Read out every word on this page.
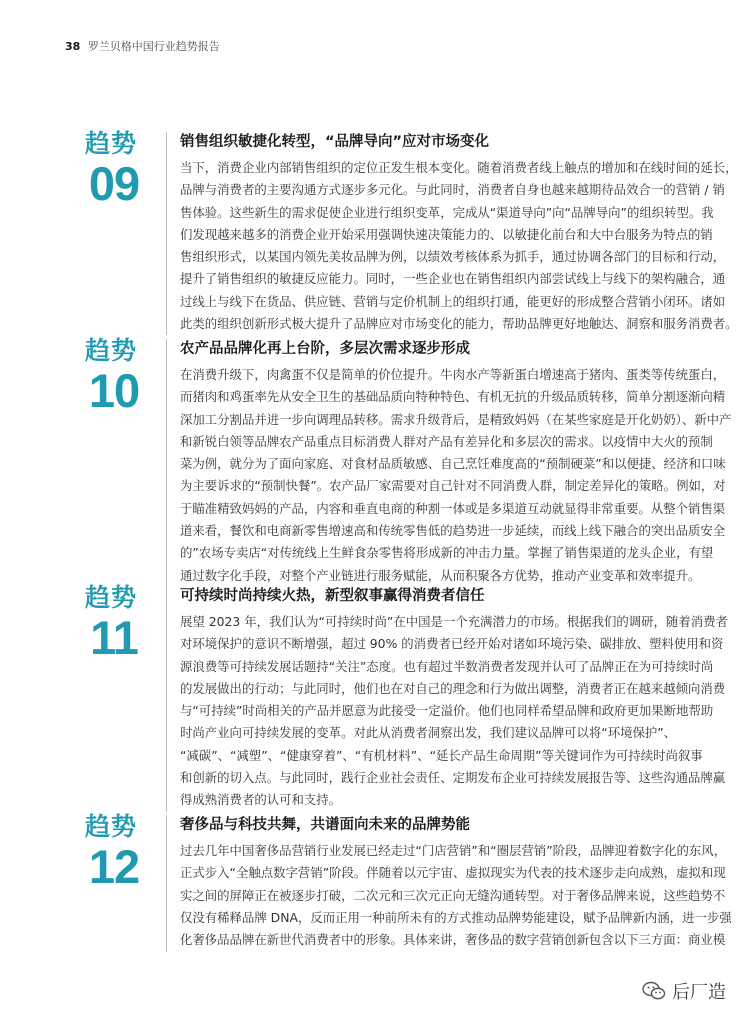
38 罗兰贝格中国行业趋势报告
趋势
09
销售组织敏捷化转型，“品牌导向”应对市场变化
当下，消费企业内部销售组织的定位正发生根本变化。随着消费者线上触点的增加和在线时间的延长，
品牌与消费者的主要沟通方式逐步多元化。与此同时，消费者自身也越来越期待品效合一的营销 / 销
售体验。这些新生的需求促使企业进行组织变革，完成从“渠道导向”向“品牌导向”的组织转型。我
们发现越来越多的消费企业开始采用强调快速决策能力的、以敏捷化前台和大中台服务为特点的销
售组织形式，以某国内领先美妆品牌为例，以绩效考核体系为抓手，通过协调各部门的目标和行动，
提升了销售组织的敏捷反应能力。同时，一些企业也在销售组织内部尝试线上与线下的架构融合，通
过线上与线下在货品、供应链、营销与定价机制上的组织打通，能更好的形成整合营销小闭环。诸如
此类的组织创新形式极大提升了品牌应对市场变化的能力，帮助品牌更好地触达、洞察和服务消费者。
趋势
10
农产品品牌化再上台阶，多层次需求逐步形成
在消费升级下，肉禽蛋不仅是简单的价位提升。牛肉水产等新蛋白增速高于猪肉、蛋类等传统蛋白，
而猪肉和鸡蛋率先从安全卫生的基础品质向特种特色、有机无抗的升级品质转移，简单分割逐渐向精
深加工分割品并进一步向调理品转移。需求升级背后，是精致妈妈（在某些家庭是开化奶奶）、新中产
和新锐白领等品牌农产品重点目标消费人群对产品有差异化和多层次的需求。以疫情中大火的预制
菜为例，就分为了面向家庭、对食材品质敏感、自己烹饪难度高的“预制硬菜”和以便捷、经济和口味
为主要诉求的“预制快餐”。农产品厂家需要对自己针对不同消费人群，制定差异化的策略。例如，对
于瞄准精致妈妈的产品，内容和垂直电商的种割一体或是多渠道互动就显得非常重要。从整个销售渠
道来看，餐饮和电商新零售增速高和传统零售低的趋势进一步延续，而线上线下融合的突出品质安全
的”农场专卖店“对传统线上生鲜食杂零售将形成新的冲击力量。掌握了销售渠道的龙头企业，有望
通过数字化手段，对整个产业链进行服务赋能，从而积聚各方优势，推动产业变革和效率提升。
趋势
11
可持续时尚持续火热，新型叙事赢得消费者信任
展望 2023 年，我们认为“可持续时尚”在中国是一个充满潜力的市场。根据我们的调研，随着消费者
对环境保护的意识不断增强，超过 90% 的消费者已经开始对诸如环境污染、碳排放、塑料使用和资
源浪费等可持续发展话题持“关注”态度。也有超过半数消费者发现并认可了品牌正在为可持续时尚
的发展做出的行动；与此同时，他们也在对自己的理念和行为做出调整，消费者正在越来越倾向消费
与“可持续”时尚相关的产品并愿意为此接受一定溢价。他们也同样希望品牌和政府更加果断地帮助
时尚产业向可持续发展的变革。对此从消费者洞察出发，我们建议品牌可以将“环境保护”、
“减碳”、“减塑”、“健康穿着”、“有机材料”、“延长产品生命周期”等关键词作为可持续时尚叙事
和创新的切入点。与此同时，践行企业社会责任、定期发布企业可持续发展报告等、这些沟通品牌赢
得成熟消费者的认可和支持。
趋势
12
奢侈品与科技共舞，共谱面向未来的品牌势能
过去几年中国奢侈品营销行业发展已经走过“门店营销”和“圈层营销”阶段，品牌迎着数字化的东风，
正式步入“全触点数字营销”阶段。伴随着以元宇宙、虚拟现实为代表的技术逐步走向成熟，虚拟和现
实之间的屏障正在被逐步打破，二次元和三次元正向无缝沟通转型。对于奢侈品牌来说，这些趋势不
仅没有稀释品牌 DNA，反而正用一种前所未有的方式推动品牌势能建设，赋予品牌新内涵，进一步强
化奢侈品品牌在新世代消费者中的形象。具体来讲，奢侈品的数字营销创新包含以下三方面：商业模
后厂造
